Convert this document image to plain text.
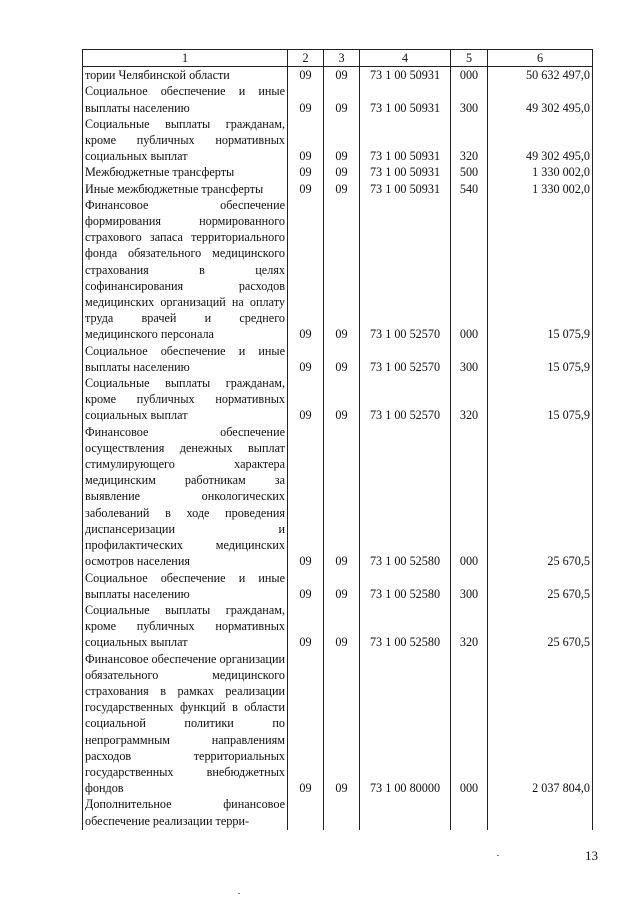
1	2	3	4	5	6
тории Челябинской области	09	09	73 1 00 50931	000	50 632 497,0
Социальное обеспечение и иные выплаты населению	09	09	73 1 00 50931	300	49 302 495,0
Социальные выплаты гражданам, кроме публичных нормативных социальных выплат	09	09	73 1 00 50931	320	49 302 495,0
Межбюджетные трансферты	09	09	73 1 00 50931	500	1 330 002,0
Иные межбюджетные трансферты	09	09	73 1 00 50931	540	1 330 002,0
Финансовое обеспечение формирования нормированного страхового запаса территориального фонда обязательного медицинского страхования в целях софинансирования расходов медицинских организаций на оплату труда врачей и среднего медицинского персонала	09	09	73 1 00 52570	000	15 075,9
Социальное обеспечение и иные выплаты населению	09	09	73 1 00 52570	300	15 075,9
Социальные выплаты гражданам, кроме публичных нормативных социальных выплат	09	09	73 1 00 52570	320	15 075,9
Финансовое обеспечение осуществления денежных выплат стимулирующего характера медицинским работникам за выявление онкологических заболеваний в ходе проведения диспансеризации и профилактических медицинских осмотров населения	09	09	73 1 00 52580	000	25 670,5
Социальное обеспечение и иные выплаты населению	09	09	73 1 00 52580	300	25 670,5
Социальные выплаты гражданам, кроме публичных нормативных социальных выплат	09	09	73 1 00 52580	320	25 670,5
Финансовое обеспечение организации обязательного медицинского страхования в рамках реализации государственных функций в области социальной политики по непрограммным направлениям расходов территориальных государственных внебюджетных фондов	09	09	73 1 00 80000	000	2 037 804,0
Дополнительное финансовое обеспечение реализации терри-					
13
